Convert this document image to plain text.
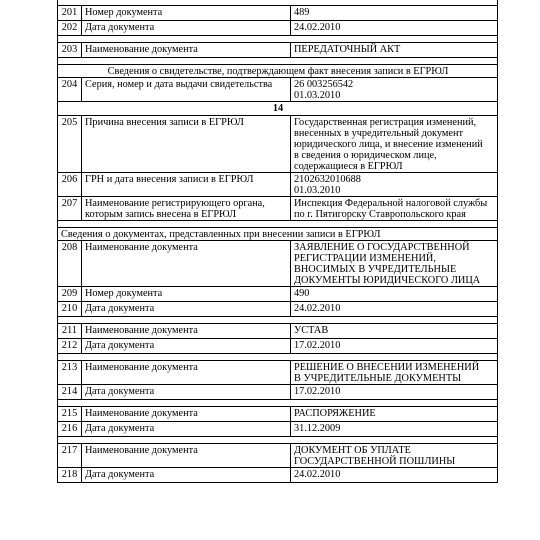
201	Номер документа	489
202	Дата документа	24.02.2010

203	Наименование документа	ПЕРЕДАТОЧНЫЙ АКТ

Сведения о свидетельстве, подтверждающем факт внесения записи в ЕГРЮЛ		
204	Серия, номер и дата выдачи свидетельства	26 003256542
01.03.2010
14		
205	Причина внесения записи в ЕГРЮЛ	Государственная регистрация изменений,
внесенных в учредительный документ
юридического лица, и внесение изменений
в сведения о юридическом лице,
содержащиеся в ЕГРЮЛ
206	ГРН и дата внесения записи в ЕГРЮЛ	2102632010688
01.03.2010
207	Наименование регистрирующего органа,
которым запись внесена в ЕГРЮЛ	Инспекция Федеральной налоговой службы
по г. Пятигорску Ставропольского края

Сведения о документах, представленных при внесении записи в ЕГРЮЛ		
208	Наименование документа	ЗАЯВЛЕНИЕ О ГОСУДАРСТВЕННОЙ
РЕГИСТРАЦИИ ИЗМЕНЕНИЙ,
ВНОСИМЫХ В УЧРЕДИТЕЛЬНЫЕ
ДОКУМЕНТЫ ЮРИДИЧЕСКОГО ЛИЦА
209	Номер документа	490
210	Дата документа	24.02.2010

211	Наименование документа	УСТАВ
212	Дата документа	17.02.2010

213	Наименование документа	РЕШЕНИЕ О ВНЕСЕНИИ ИЗМЕНЕНИЙ
В УЧРЕДИТЕЛЬНЫЕ ДОКУМЕНТЫ
214	Дата документа	17.02.2010

215	Наименование документа	РАСПОРЯЖЕНИЕ
216	Дата документа	31.12.2009

217	Наименование документа	ДОКУМЕНТ ОБ УПЛАТЕ
ГОСУДАРСТВЕННОЙ ПОШЛИНЫ
218	Дата документа	24.02.2010
